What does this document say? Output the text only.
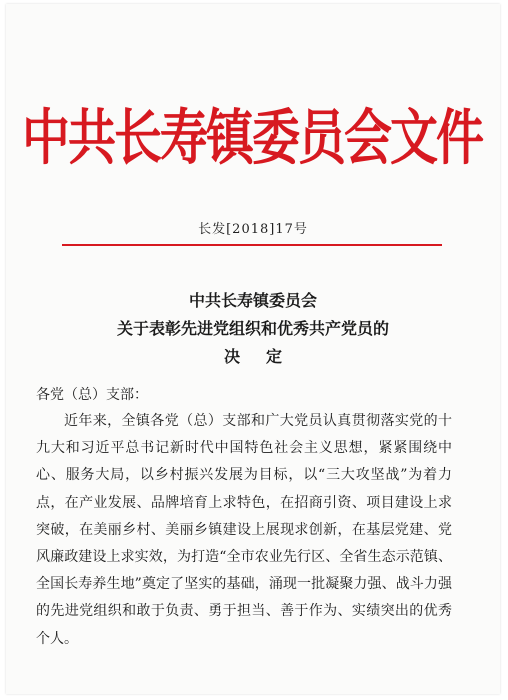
中共长寿镇委员会文件
长发[2018]17号
中共长寿镇委员会
关于表彰先进党组织和优秀共产党员的
决定
各党（总）支部：
近年来，全镇各党（总）支部和广大党员认真贯彻落实党的十九大和习近平总书记新时代中国特色社会主义思想，紧紧围绕中心、服务大局，以乡村振兴发展为目标，以“三大攻坚战”为着力点，在产业发展、品牌培育上求特色，在招商引资、项目建设上求突破，在美丽乡村、美丽乡镇建设上展现求创新，在基层党建、党风廉政建设上求实效，为打造“全市农业先行区、全省生态示范镇、全国长寿养生地”奠定了坚实的基础，涌现一批凝聚力强、战斗力强的先进党组织和敢于负责、勇于担当、善于作为、实绩突出的优秀个人。
